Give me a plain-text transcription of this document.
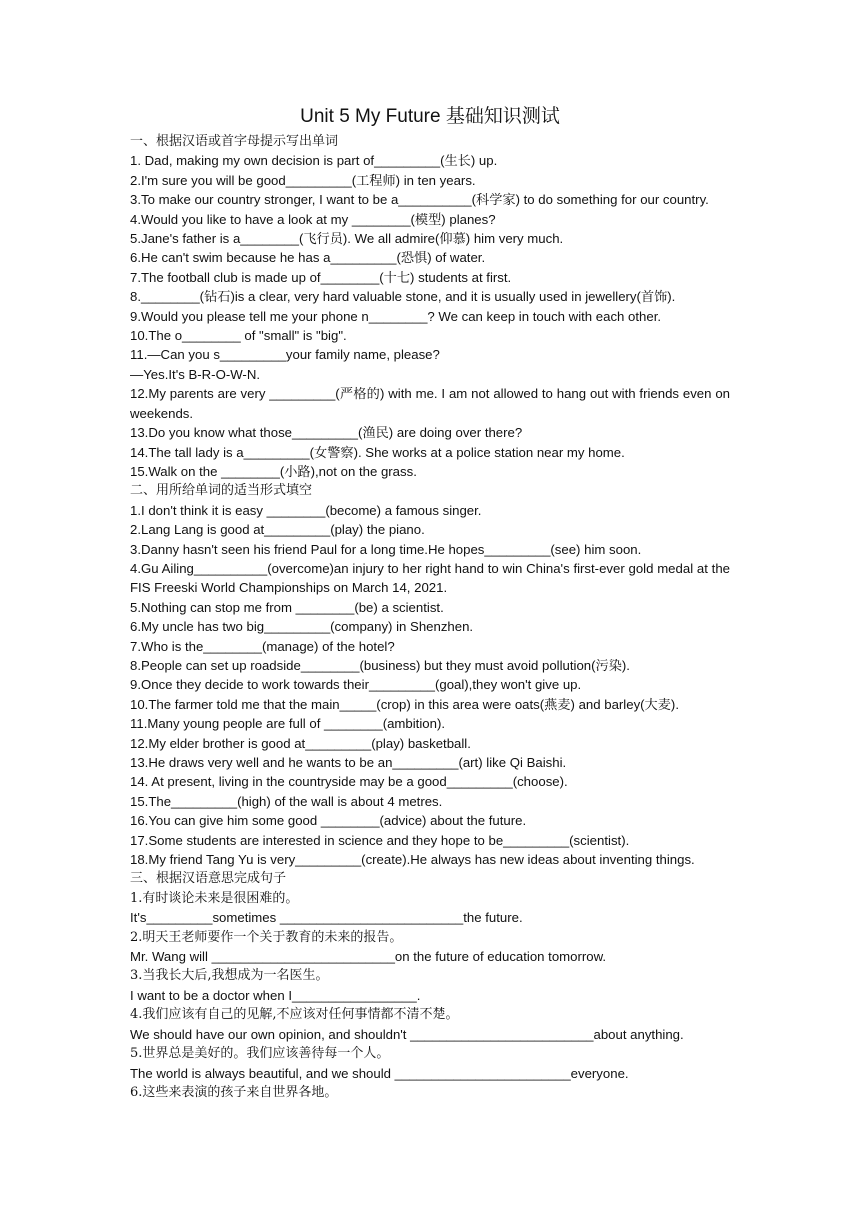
Unit 5 My Future 基础知识测试

一、根据汉语或首字母提示写出单词

1. Dad, making my own decision is part of_________(生长) up.

2.I'm sure you will be good_________(工程师) in ten years.

3.To make our country stronger, I want to be a__________(科学家) to do something for our country.

4.Would you like to have a look at my ________(模型) planes?

5.Jane's father is a________(飞行员). We all admire(仰慕) him very much.

6.He can't swim because he has a_________(恐惧) of water.

7.The football club is made up of________(十七) students at first.

8.________(钻石)is a clear, very hard valuable stone, and it is usually used in jewellery(首饰).

9.Would you please tell me your phone n________? We can keep in touch with each other.

10.The o________ of "small" is "big".

11.—Can you s_________your family name, please?

—Yes.It's B-R-O-W-N.

12.My parents are very _________(严格的) with me. I am not allowed to hang out with friends even on weekends.

13.Do you know what those_________(渔民) are doing over there?

14.The tall lady is a_________(女警察). She works at a police station near my home.

15.Walk on the ________(小路),not on the grass.

二、用所给单词的适当形式填空

1.I don't think it is easy ________(become) a famous singer.

2.Lang Lang is good at_________(play) the piano.

3.Danny hasn't seen his friend Paul for a long time.He hopes_________(see) him soon.

4.Gu Ailing__________(overcome)an injury to her right hand to win China's first-ever gold medal at the FIS Freeski World Championships on March 14, 2021.

5.Nothing can stop me from ________(be) a scientist.

6.My uncle has two big_________(company) in Shenzhen.

7.Who is the________(manage) of the hotel?

8.People can set up roadside________(business) but they must avoid pollution(污染).

9.Once they decide to work towards their_________(goal),they won't give up.

10.The farmer told me that the main_____(crop) in this area were oats(燕麦) and barley(大麦).

11.Many young people are full of ________(ambition).

12.My elder brother is good at_________(play) basketball.

13.He draws very well and he wants to be an_________(art) like Qi Baishi.

14. At present, living in the countryside may be a good_________(choose).

15.The_________(high) of the wall is about 4 metres.

16.You can give him some good ________(advice) about the future.

17.Some students are interested in science and they hope to be_________(scientist).

18.My friend Tang Yu is very_________(create).He always has new ideas about inventing things.

三、根据汉语意思完成句子

1.有时谈论未来是很困难的。

It's_________sometimes _________________________the future.

2.明天王老师要作一个关于教育的未来的报告。

Mr. Wang will _________________________on the future of education tomorrow.

3.当我长大后,我想成为一名医生。

I want to be a doctor when I_________________.

4.我们应该有自己的见解,不应该对任何事情都不清不楚。

We should have our own opinion, and shouldn't _________________________about anything.

5.世界总是美好的。我们应该善待每一个人。

The world is always beautiful, and we should ________________________everyone.

6.这些来表演的孩子来自世界各地。
